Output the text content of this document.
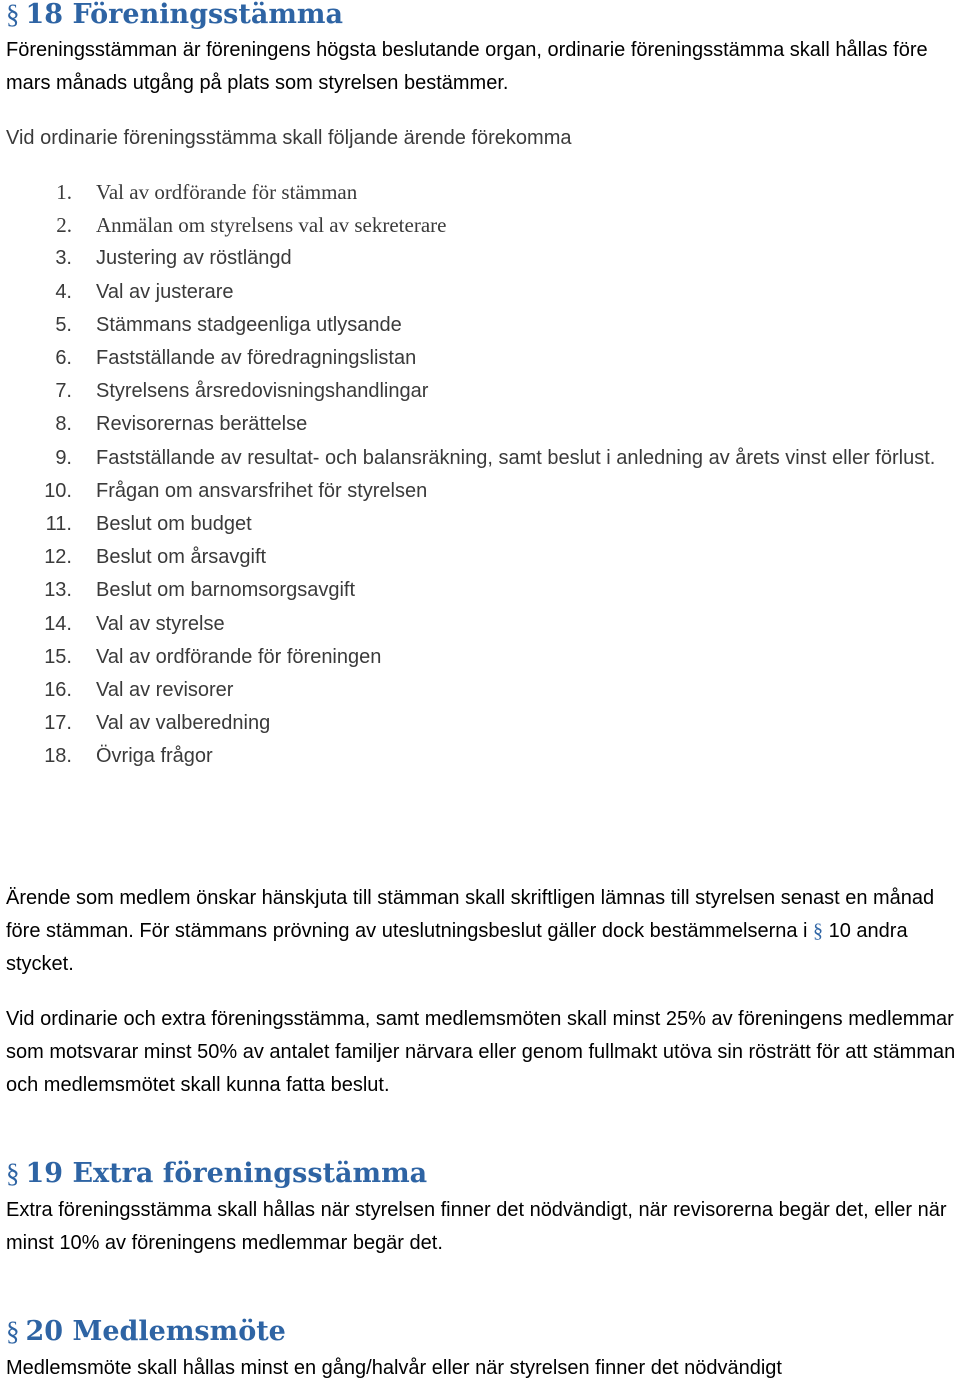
§ 18 Föreningsstämma

Föreningsstämman är föreningens högsta beslutande organ, ordinarie föreningsstämma skall hållas före mars månads utgång på plats som styrelsen bestämmer.

Vid ordinarie föreningsstämma skall följande ärende förekomma

1. Val av ordförande för stämman
2. Anmälan om styrelsens val av sekreterare
3. Justering av röstlängd
4. Val av justerare
5. Stämmans stadgeenliga utlysande
6. Fastställande av föredragningslistan
7. Styrelsens årsredovisningshandlingar
8. Revisorernas berättelse
9. Fastställande av resultat- och balansräkning, samt beslut i anledning av årets vinst eller förlust.
10. Frågan om ansvarsfrihet för styrelsen
11. Beslut om budget
12. Beslut om årsavgift
13. Beslut om barnomsorgsavgift
14. Val av styrelse
15. Val av ordförande för föreningen
16. Val av revisorer
17. Val av valberedning
18. Övriga frågor

Ärende som medlem önskar hänskjuta till stämman skall skriftligen lämnas till styrelsen senast en månad före stämman. För stämmans prövning av uteslutningsbeslut gäller dock bestämmelserna i § 10 andra stycket.

Vid ordinarie och extra föreningsstämma, samt medlemsmöten skall minst 25% av föreningens medlemmar som motsvarar minst 50% av antalet familjer närvara eller genom fullmakt utöva sin rösträtt för att stämman och medlemsmötet skall kunna fatta beslut.

§ 19 Extra föreningsstämma

Extra föreningsstämma skall hållas när styrelsen finner det nödvändigt, när revisorerna begär det, eller när minst 10% av föreningens medlemmar begär det.

§ 20 Medlemsmöte

Medlemsmöte skall hållas minst en gång/halvår eller när styrelsen finner det nödvändigt
